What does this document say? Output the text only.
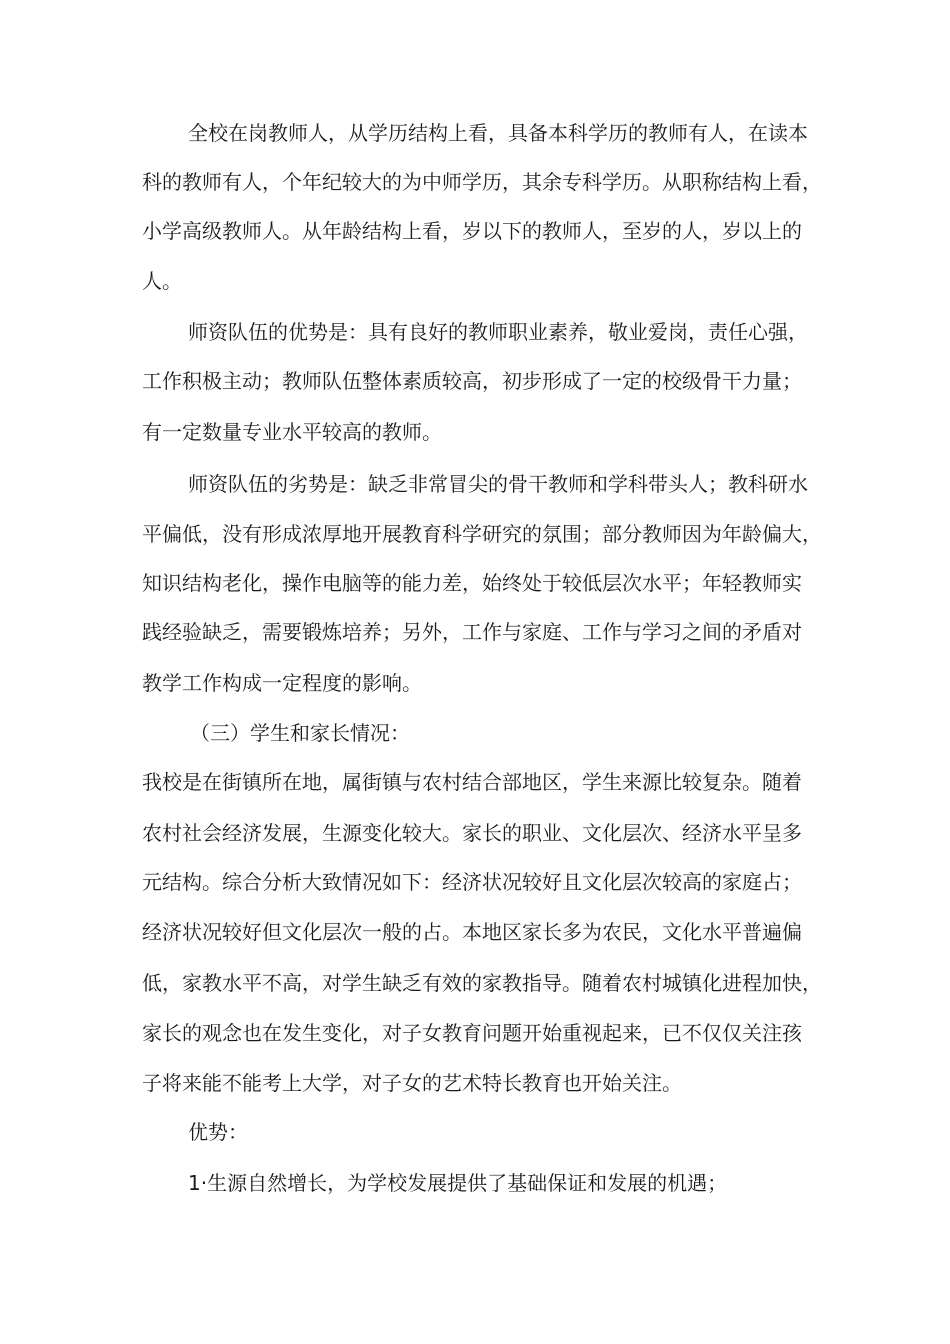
全校在岗教师人，从学历结构上看，具备本科学历的教师有人，在读本

科的教师有人，个年纪较大的为中师学历，其余专科学历。从职称结构上看，

小学高级教师人。从年龄结构上看，岁以下的教师人，至岁的人，岁以上的

人。

师资队伍的优势是：具有良好的教师职业素养，敬业爱岗，责任心强，

工作积极主动；教师队伍整体素质较高，初步形成了一定的校级骨干力量；

有一定数量专业水平较高的教师。

师资队伍的劣势是：缺乏非常冒尖的骨干教师和学科带头人；教科研水

平偏低，没有形成浓厚地开展教育科学研究的氛围；部分教师因为年龄偏大，

知识结构老化，操作电脑等的能力差，始终处于较低层次水平；年轻教师实

践经验缺乏，需要锻炼培养；另外，工作与家庭、工作与学习之间的矛盾对

教学工作构成一定程度的影响。

（三）学生和家长情况：

我校是在街镇所在地，属街镇与农村结合部地区，学生来源比较复杂。随着

农村社会经济发展，生源变化较大。家长的职业、文化层次、经济水平呈多

元结构。综合分析大致情况如下：经济状况较好且文化层次较高的家庭占；

经济状况较好但文化层次一般的占。本地区家长多为农民，文化水平普遍偏

低，家教水平不高，对学生缺乏有效的家教指导。随着农村城镇化进程加快，

家长的观念也在发生变化，对子女教育问题开始重视起来，已不仅仅关注孩

子将来能不能考上大学，对子女的艺术特长教育也开始关注。

优势：

1·生源自然增长，为学校发展提供了基础保证和发展的机遇；
